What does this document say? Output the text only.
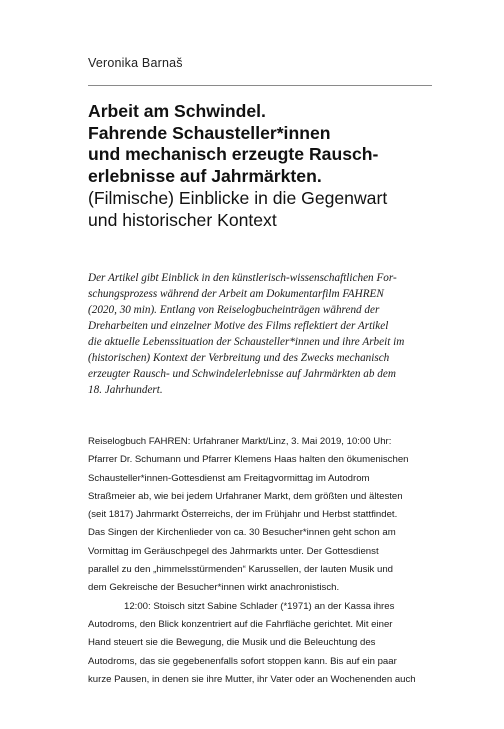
Veronika Barnaš
Arbeit am Schwindel.
Fahrende Schausteller*innen
und mechanisch erzeugte Rausch-
erlebnisse auf Jahrmärkten.
(Filmische) Einblicke in die Gegenwart
und historischer Kontext
Der Artikel gibt Einblick in den künstlerisch-wissenschaftlichen For-
schungsprozess während der Arbeit am Dokumentarfilm FAHREN
(2020, 30 min). Entlang von Reiselogbucheinträgen während der
Dreharbeiten und einzelner Motive des Films reflektiert der Artikel
die aktuelle Lebenssituation der Schausteller*innen und ihre Arbeit im
(historischen) Kontext der Verbreitung und des Zwecks mechanisch
erzeugter Rausch- und Schwindelerlebnisse auf Jahrmärkten ab dem
18. Jahrhundert.
Reiselogbuch FAHREN: Urfahraner Markt/Linz, 3. Mai 2019, 10:00 Uhr:
Pfarrer Dr. Schumann und Pfarrer Klemens Haas halten den ökumenischen
Schausteller*innen-Gottesdienst am Freitagvormittag im Autodrom
Straßmeier ab, wie bei jedem Urfahraner Markt, dem größten und ältesten
(seit 1817) Jahrmarkt Österreichs, der im Frühjahr und Herbst stattfindet.
Das Singen der Kirchenlieder von ca. 30 Besucher*innen geht schon am
Vormittag im Geräuschpegel des Jahrmarkts unter. Der Gottesdienst
parallel zu den „himmelsstürmenden“ Karussellen, der lauten Musik und
dem Gekreische der Besucher*innen wirkt anachronistisch.
12:00: Stoisch sitzt Sabine Schlader (*1971) an der Kassa ihres
Autodroms, den Blick konzentriert auf die Fahrfläche gerichtet. Mit einer
Hand steuert sie die Bewegung, die Musik und die Beleuchtung des
Autodroms, das sie gegebenenfalls sofort stoppen kann. Bis auf ein paar
kurze Pausen, in denen sie ihre Mutter, ihr Vater oder an Wochenenden auch
